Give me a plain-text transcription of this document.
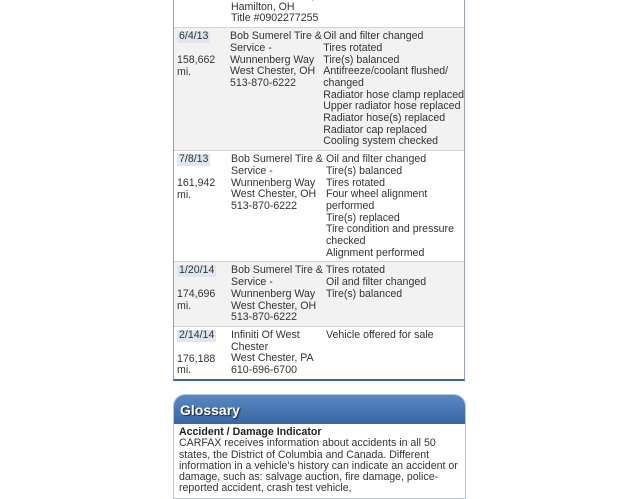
Hamilton, OH
Title #0902277255
6/4/13
158,662 mi.
Bob Sumerel Tire &
Service -
Wunnenberg Way
West Chester, OH
513-870-6222
Oil and filter changed
Tires rotated
Tire(s) balanced
Antifreeze/coolant flushed/
changed
Radiator hose clamp replaced
Upper radiator hose replaced
Radiator hose(s) replaced
Radiator cap replaced
Cooling system checked
7/8/13
161,942 mi.
Bob Sumerel Tire &
Service -
Wunnenberg Way
West Chester, OH
513-870-6222
Oil and filter changed
Tire(s) balanced
Tires rotated
Four wheel alignment
performed
Tire(s) replaced
Tire condition and pressure
checked
Alignment performed
1/20/14
174,696 mi.
Bob Sumerel Tire &
Service -
Wunnenberg Way
West Chester, OH
513-870-6222
Tires rotated
Oil and filter changed
Tire(s) balanced
2/14/14
176,188 mi.
Infiniti Of West
Chester
West Chester, PA
610-696-6700
Vehicle offered for sale
Glossary
Accident / Damage Indicator
CARFAX receives information about accidents in all 50 states, the District of Columbia and Canada. Different information in a vehicle's history can indicate an accident or damage, such as: salvage auction, fire damage, police-reported accident, crash test vehicle,
